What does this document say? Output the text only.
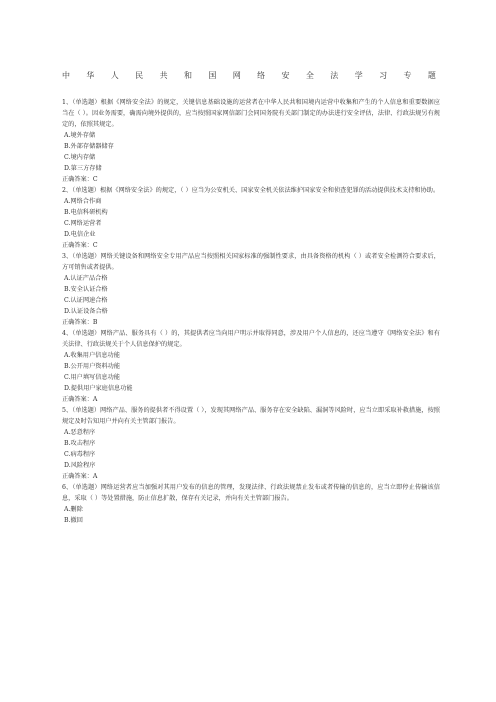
中 华 人 民 共 和 国 网 络 安 全 法 学 习 专 题

1、（单选题）根据《网络安全法》的规定，关键信息基础设施的运营者在中华人民共和国境内运营中收集和产生的个人信息和重要数据应当在（ ）。因业务需要，确需向境外提供的，应当按照国家网信部门会同国务院有关部门制定的办法进行安全评估，法律、行政法规另有规定的，依照其规定。

A.境外存储

B.外部存储器储存

C.境内存储

D.第三方存储

正确答案：C

2、（单选题）根据《网络安全法》的规定，（ ）应当为公安机关、国家安全机关依法维护国家安全和侦查犯罪的活动提供技术支持和协助。

A.网络合作商

B.电信科研机构

C.网络运营者

D.电信企业

正确答案：C

3、（单选题）网络关键设备和网络安全专用产品应当按照相关国家标准的强制性要求，由具备资格的机构（ ）或者安全检测符合要求后，方可销售或者提供。

A.认证产品合格

B.安全认证合格

C.认证网速合格

D.认证设备合格

正确答案：B

4、（单选题）网络产品、服务具有（ ）的，其提供者应当向用户明示并取得同意，涉及用户个人信息的，还应当遵守《网络安全法》和有关法律、行政法规关于个人信息保护的规定。

A.收集用户信息功能

B.公开用户资料功能

C.用户填写信息功能

D.提供用户家庭信息功能

正确答案：A

5、（单选题）网络产品、服务的提供者不得设置（ ），发现其网络产品、服务存在安全缺陷、漏洞等风险时，应当立即采取补救措施，按照规定及时告知用户并向有关主管部门报告。

A.恶意程序

B.攻击程序

C.病毒程序

D.风险程序

正确答案：A

6、（单选题）网络运营者应当加强对其用户发布的信息的管理，发现法律、行政法规禁止发布或者传输的信息的，应当立即停止传输该信息，采取（ ）等处置措施，防止信息扩散，保存有关记录，并向有关主管部门报告。

A.删除

B.撤回
